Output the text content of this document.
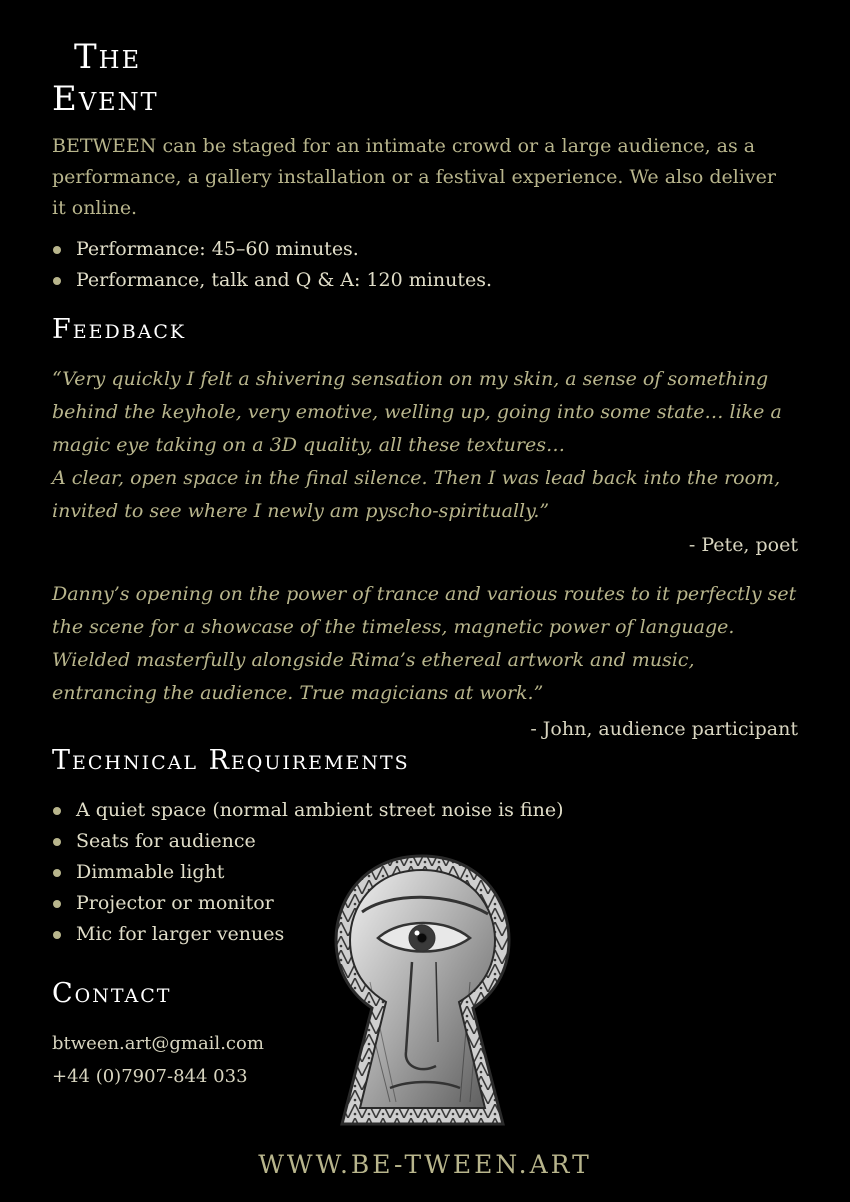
The
Event

BETWEEN can be staged for an intimate crowd or a large audience, as a performance, a gallery installation or a festival experience. We also deliver it online.

Performance: 45–60 minutes.
Performance, talk and Q & A: 120 minutes.
Feedback

“Very quickly I felt a shivering sensation on my skin, a sense of something behind the keyhole, very emotive, welling up, going into some state… like a magic eye taking on a 3D quality, all these textures…
A clear, open space in the final silence. Then I was lead back into the room, invited to see where I newly am pyscho-spiritually.”

- Pete, poet

Danny’s opening on the power of trance and various routes to it perfectly set the scene for a showcase of the timeless, magnetic power of language. Wielded masterfully alongside Rima’s ethereal artwork and music, entrancing the audience. True magicians at work.”

- John, audience participant

Technical Requirements
A quiet space (normal ambient street noise is fine)
Seats for audience
Dimmable light
Projector or monitor
Mic for larger venues
Contact

btween.art@gmail.com
+44 (0)7907-844 033

WWW.BE-TWEEN.ART
